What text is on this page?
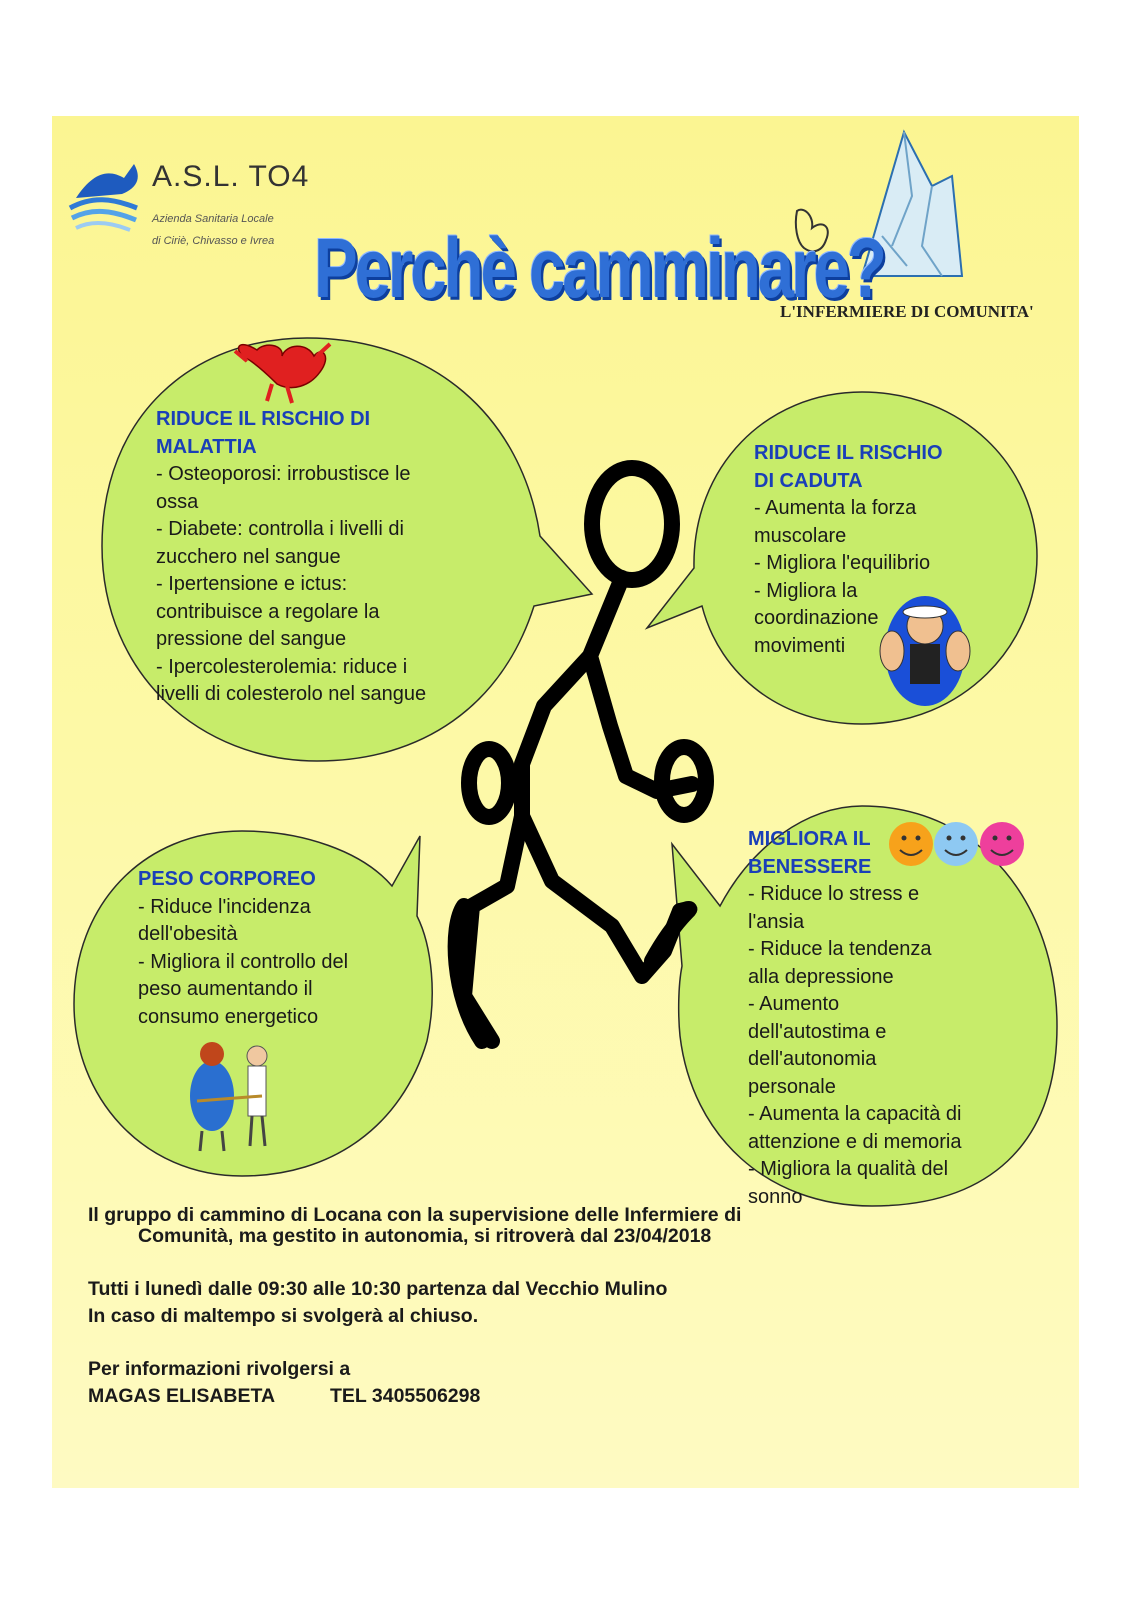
A.S.L. TO4
Azienda Sanitaria Locale di Ciriè, Chivasso e Ivrea Perchè camminare?
L'INFERMIERE DI COMUNITA'
RIDUCE IL RISCHIO DI MALATTIA
- Osteoporosi: irrobustisce le ossa
- Diabete: controlla i livelli di zucchero nel sangue
- Ipertensione e ictus: contribuisce a regolare la pressione del sangue
- Ipercolesterolemia: riduce i livelli di colesterolo nel sangue
RIDUCE IL RISCHIO DI CADUTA
- Aumenta la forza muscolare
- Migliora l'equilibrio
- Migliora la coordinazione movimenti
PESO CORPOREO
- Riduce l'incidenza dell'obesità
- Migliora il controllo del peso aumentando il consumo energetico
MIGLIORA IL BENESSERE
- Riduce lo stress e l'ansia
- Riduce la tendenza alla depressione
- Aumento dell'autostima e dell'autonomia personale
- Aumenta la capacità di attenzione e di memoria
- Migliora la qualità del sonno
Il gruppo di cammino di Locana con la supervisione delle Infermiere di
Comunità, ma gestito in autonomia, si ritroverà dal 23/04/2018
Tutti i lunedì dalle 09:30 alle 10:30 partenza dal Vecchio Mulino
In caso di maltempo si svolgerà al chiuso.
Per informazioni rivolgersi a
MAGAS ELISABETA	TEL 3405506298
